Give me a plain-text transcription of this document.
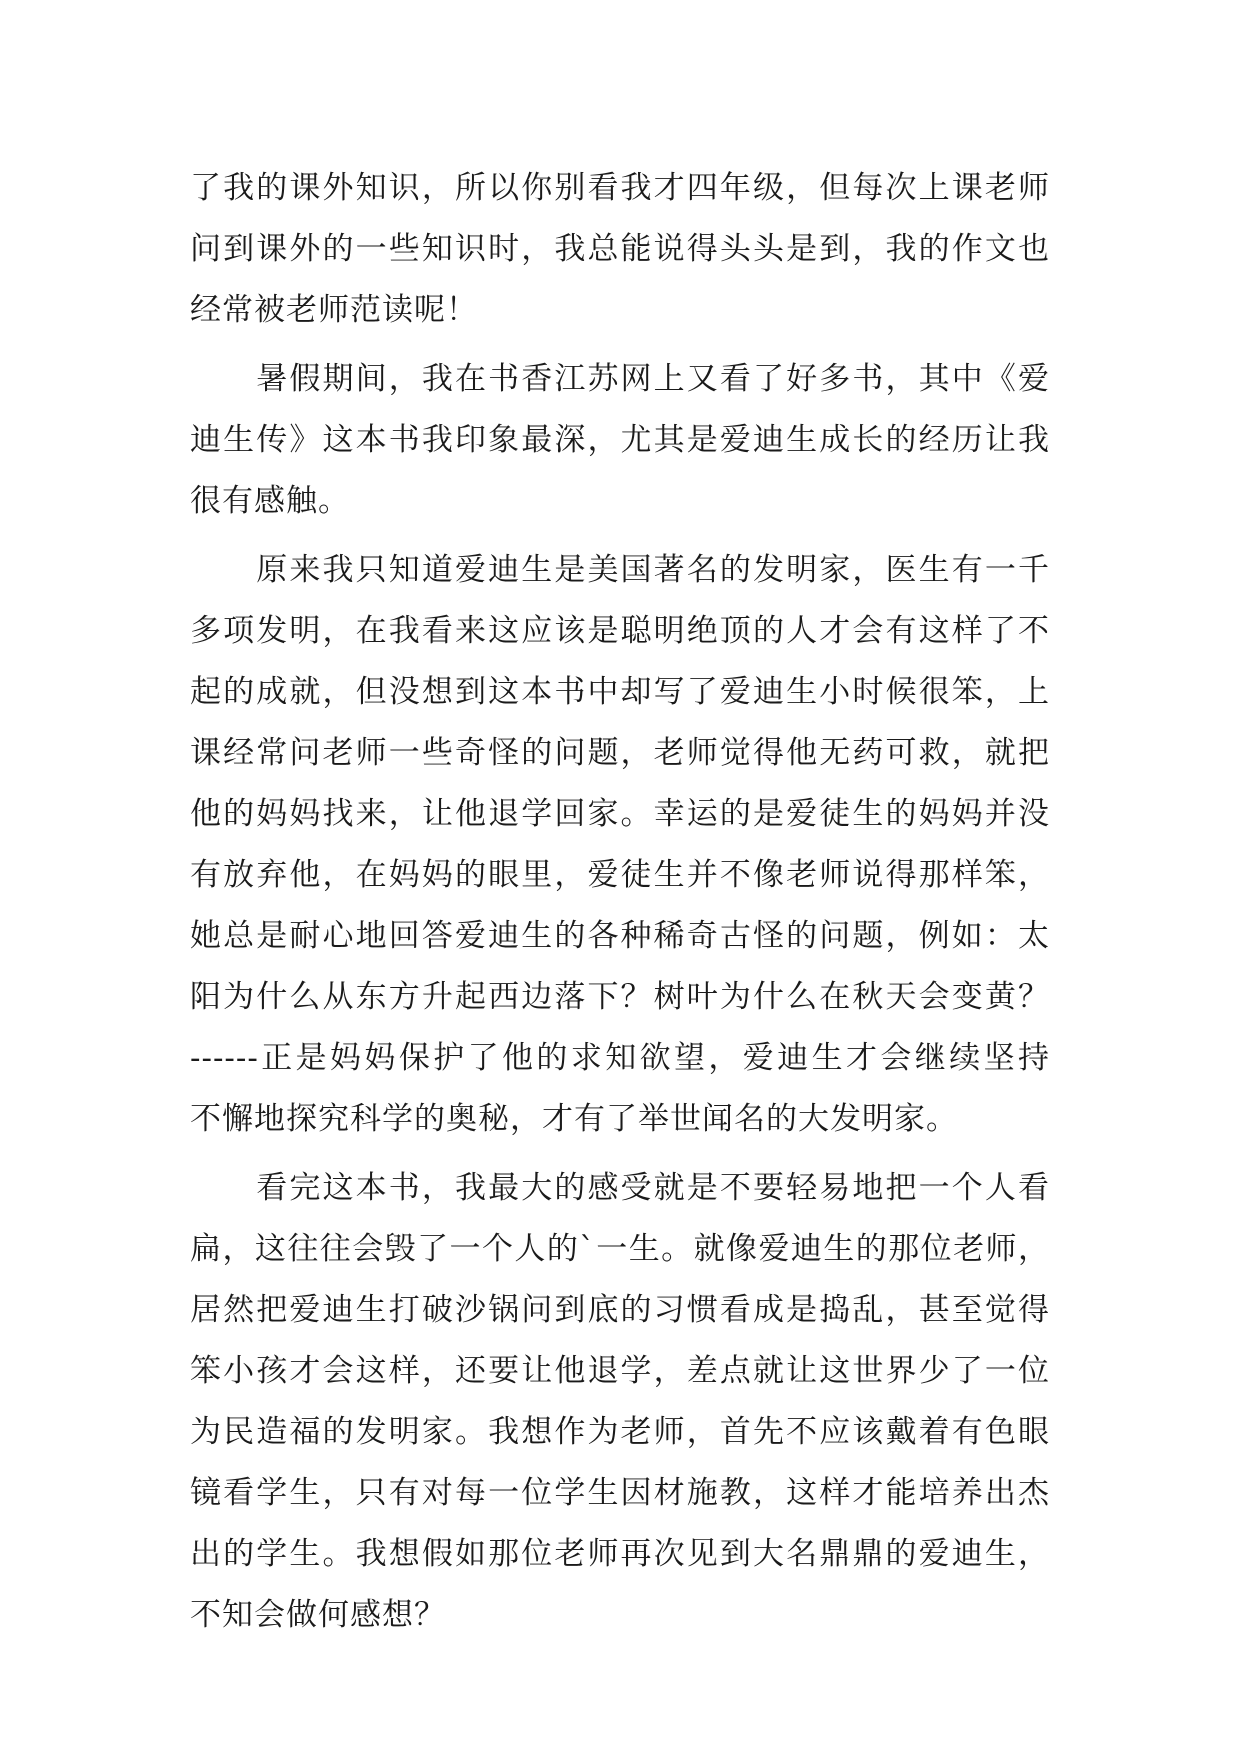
了我的课外知识，所以你别看我才四年级，但每次上课老师
问到课外的一些知识时，我总能说得头头是到，我的作文也
经常被老师范读呢！
　　暑假期间，我在书香江苏网上又看了好多书，其中《爱
迪生传》这本书我印象最深，尤其是爱迪生成长的经历让我
很有感触。
　　原来我只知道爱迪生是美国著名的发明家，医生有一千
多项发明，在我看来这应该是聪明绝顶的人才会有这样了不
起的成就，但没想到这本书中却写了爱迪生小时候很笨，上
课经常问老师一些奇怪的问题，老师觉得他无药可救，就把
他的妈妈找来，让他退学回家。幸运的是爱徒生的妈妈并没
有放弃他，在妈妈的眼里，爱徒生并不像老师说得那样笨，
她总是耐心地回答爱迪生的各种稀奇古怪的问题，例如：太
阳为什么从东方升起西边落下？树叶为什么在秋天会变黄？
------正是妈妈保护了他的求知欲望，爱迪生才会继续坚持
不懈地探究科学的奥秘，才有了举世闻名的大发明家。
　　看完这本书，我最大的感受就是不要轻易地把一个人看
扁，这往往会毁了一个人的`一生。就像爱迪生的那位老师，
居然把爱迪生打破沙锅问到底的习惯看成是捣乱，甚至觉得
笨小孩才会这样，还要让他退学，差点就让这世界少了一位
为民造福的发明家。我想作为老师，首先不应该戴着有色眼
镜看学生，只有对每一位学生因材施教，这样才能培养出杰
出的学生。我想假如那位老师再次见到大名鼎鼎的爱迪生，
不知会做何感想？
